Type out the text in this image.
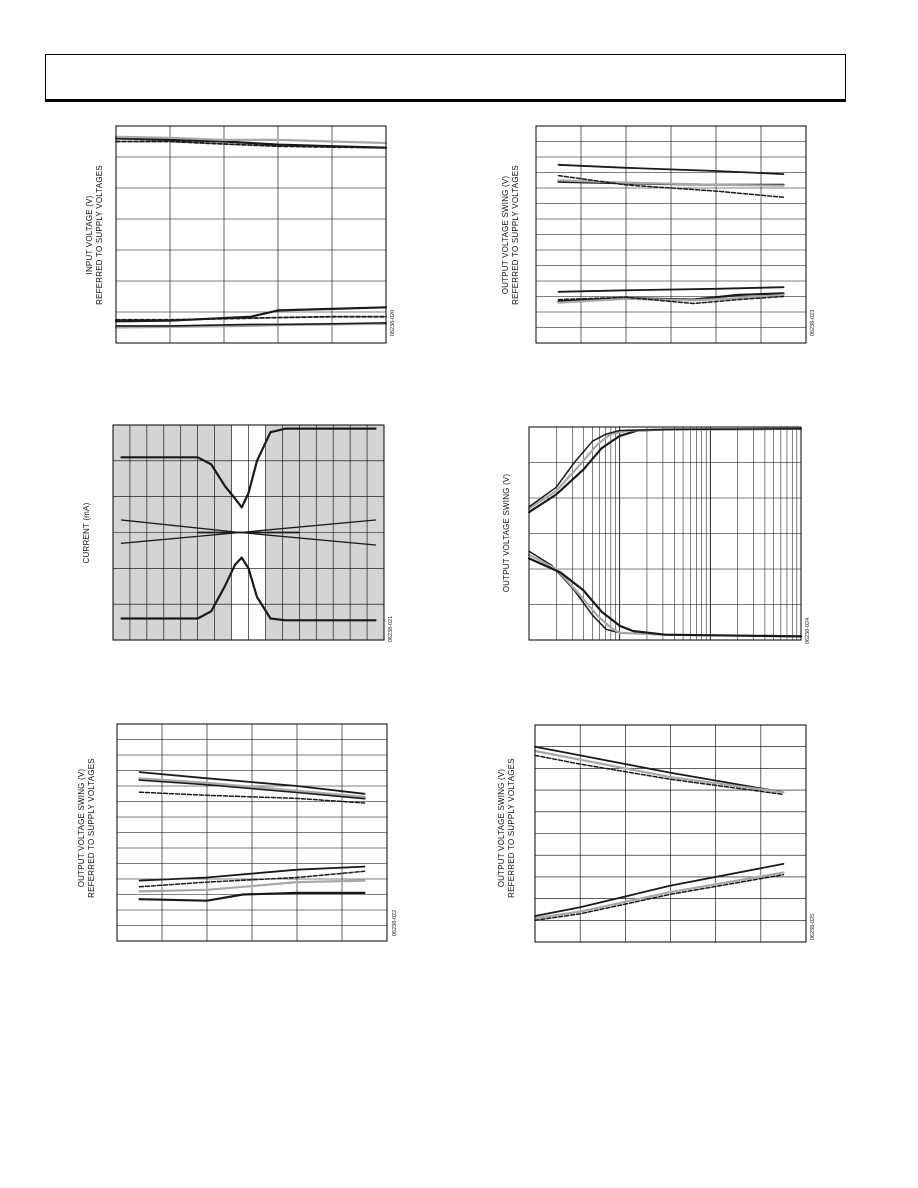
INPUT VOLTAGE (V) REFERRED TO SUPPLY VOLTAGES
06238-020
OUTPUT VOLTAGE SWING (V) REFERRED TO SUPPLY VOLTAGES
06238-023
CURRENT (mA)
06238-021
OUTPUT VOLTAGE SWING (V)
06238-024
OUTPUT VOLTAGE SWING (V) REFERRED TO SUPPLY VOLTAGES
06238-022
OUTPUT VOLTAGE SWING (V) REFERRED TO SUPPLY VOLTAGES
06238-025
